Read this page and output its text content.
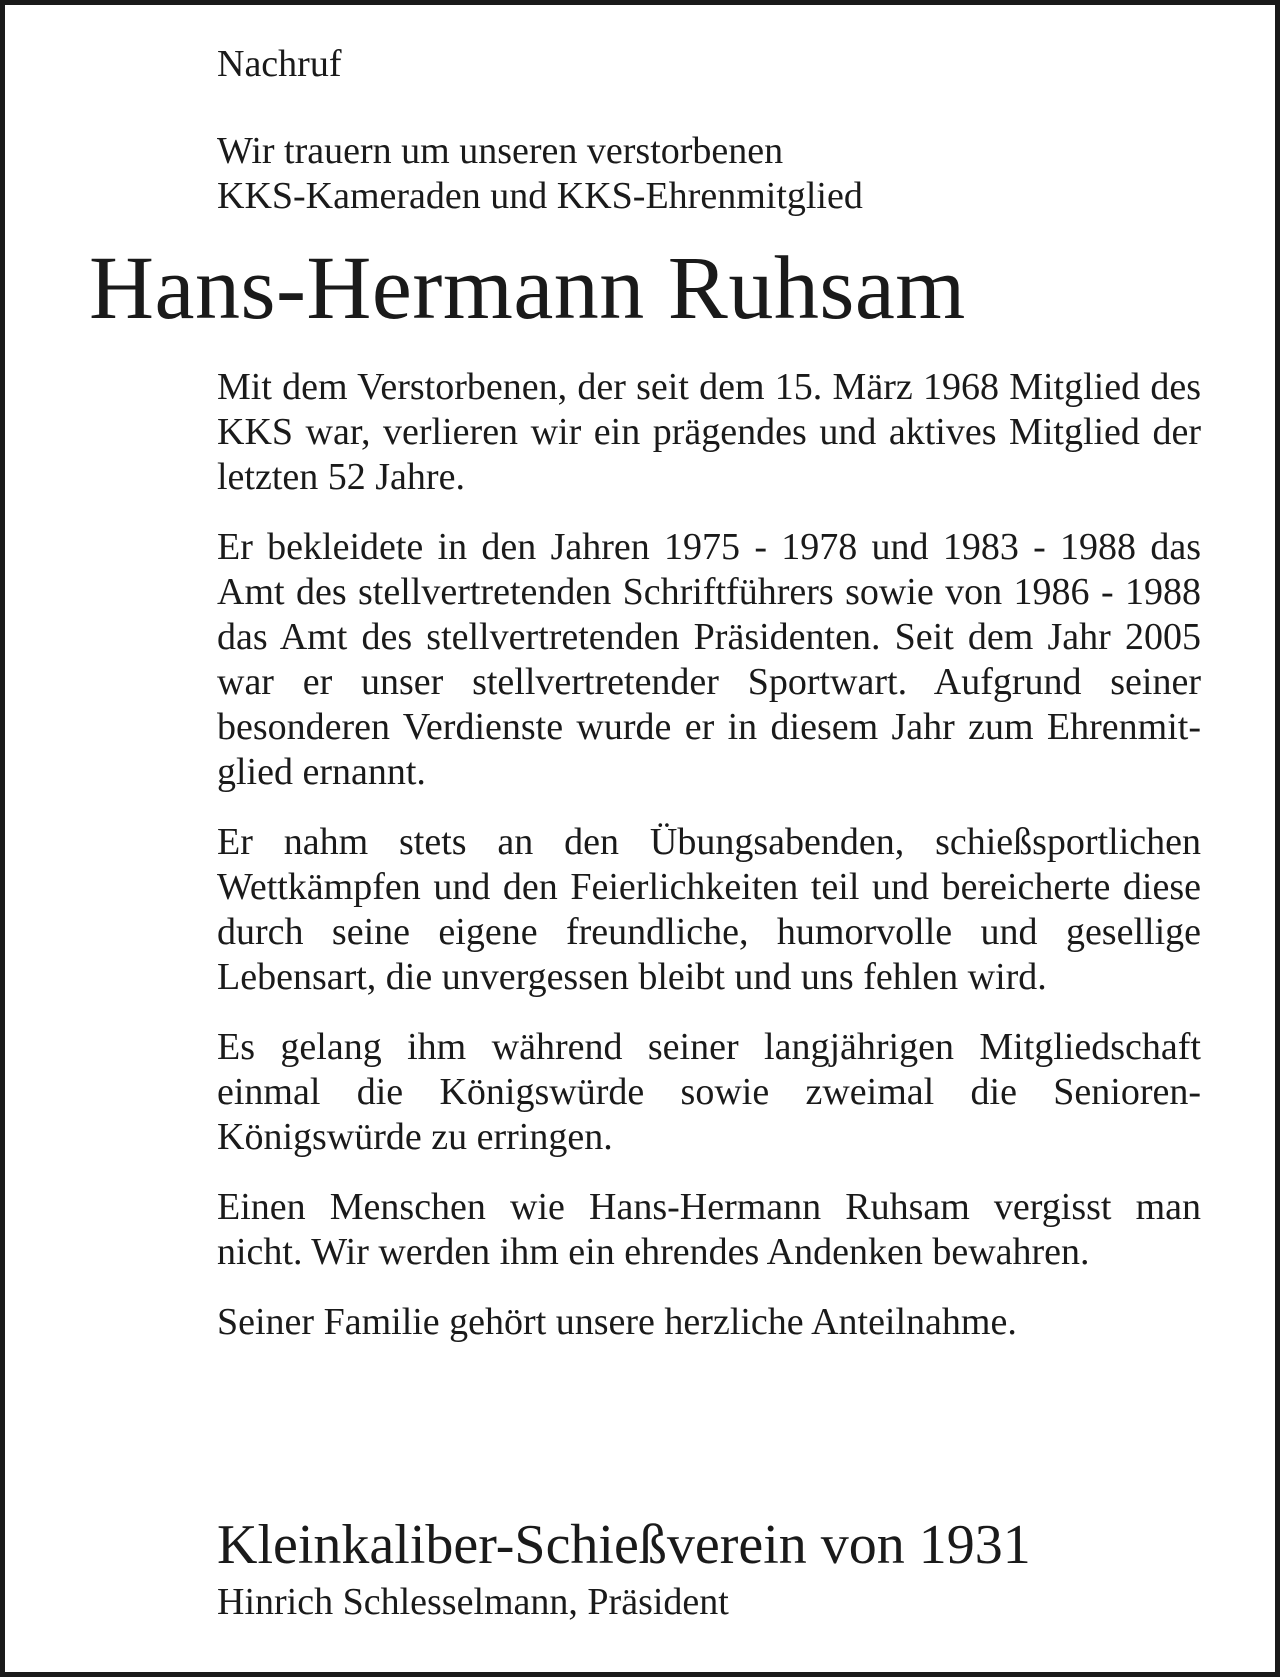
Nachruf

Wir trauern um unseren verstorbenen
KKS-Kameraden und KKS-Ehrenmitglied
Hans-Hermann Ruhsam

Mit dem Verstorbenen, der seit dem 15. März 1968 Mitglied des KKS war, verlieren wir ein prägendes und aktives Mitglied der letzten 52 Jahre.

Er bekleidete in den Jahren 1975 - 1978 und 1983 - 1988 das Amt des stellvertretenden Schriftführers sowie von 1986 - 1988 das Amt des stellvertretenden Präsidenten. Seit dem Jahr 2005 war er unser stellvertretender Sportwart. Aufgrund seiner besonderen Verdienste wurde er in diesem Jahr zum Ehrenmitglied ernannt.

Er nahm stets an den Übungsabenden, schießsportlichen Wettkämpfen und den Feierlichkeiten teil und bereicherte diese durch seine eigene freundliche, humorvolle und gesellige Lebensart, die unvergessen bleibt und uns fehlen wird.

Es gelang ihm während seiner langjährigen Mitgliedschaft einmal die Königswürde sowie zweimal die Senioren-Königswürde zu erringen.

Einen Menschen wie Hans-Hermann Ruhsam vergisst man nicht. Wir werden ihm ein ehrendes Andenken bewahren.

Seiner Familie gehört unsere herzliche Anteilnahme.

Kleinkaliber-Schießverein von 1931
Hinrich Schlesselmann, Präsident
